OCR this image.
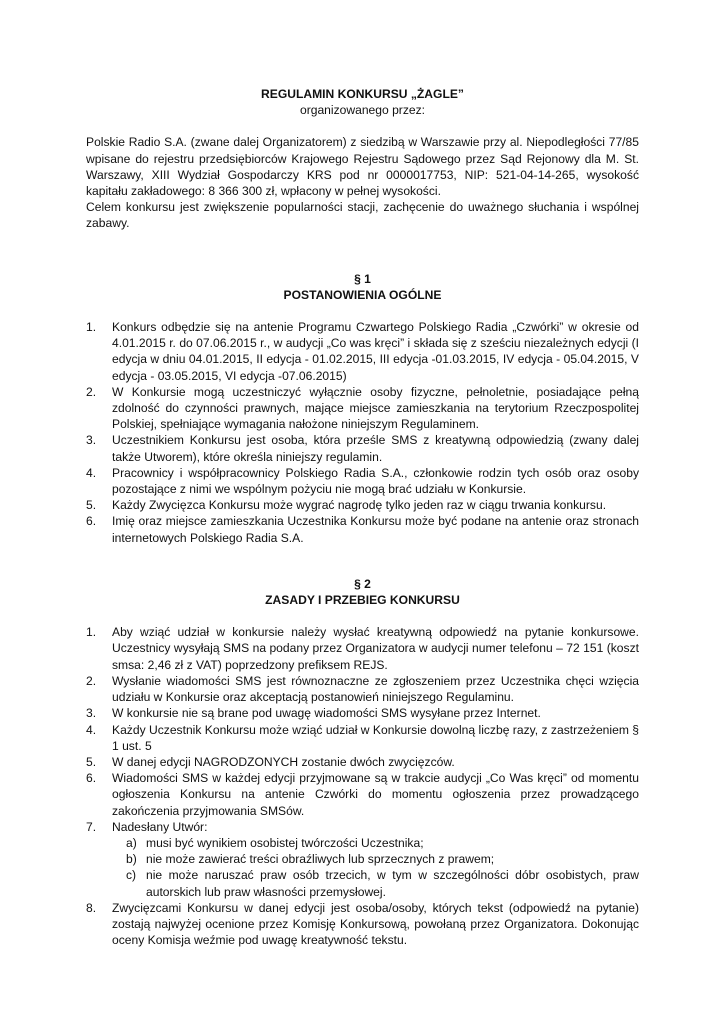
REGULAMIN KONKURSU „ŻAGLE”
organizowanego przez:

Polskie Radio S.A. (zwane dalej Organizatorem) z siedzibą w Warszawie przy al. Niepodległości 77/85 wpisane do rejestru przedsiębiorców Krajowego Rejestru Sądowego przez Sąd Rejonowy dla M. St. Warszawy, XIII Wydział Gospodarczy KRS pod nr 0000017753, NIP: 521-04-14-265, wysokość kapitału zakładowego: 8 366 300 zł, wpłacony w pełnej wysokości.

Celem konkursu jest zwiększenie popularności stacji, zachęcenie do uważnego słuchania i wspólnej zabawy.

§ 1
POSTANOWIENIA OGÓLNE
1. Konkurs odbędzie się na antenie Programu Czwartego Polskiego Radia „Czwórki” w okresie od 4.01.2015 r. do 07.06.2015 r., w audycji „Co was kręci” i składa się z sześciu niezależnych edycji (I edycja w dniu 04.01.2015, II edycja - 01.02.2015, III edycja -01.03.2015, IV edycja - 05.04.2015, V edycja - 03.05.2015, VI edycja -07.06.2015)
2. W Konkursie mogą uczestniczyć wyłącznie osoby fizyczne, pełnoletnie, posiadające pełną zdolność do czynności prawnych, mające miejsce zamieszkania na terytorium Rzeczpospolitej Polskiej, spełniające wymagania nałożone niniejszym Regulaminem.
3. Uczestnikiem Konkursu jest osoba, która prześle SMS z kreatywną odpowiedzią (zwany dalej także Utworem), które określa niniejszy regulamin.
4. Pracownicy i współpracownicy Polskiego Radia S.A., członkowie rodzin tych osób oraz osoby pozostające z nimi we wspólnym pożyciu nie mogą brać udziału w Konkursie.
5. Każdy Zwycięzca Konkursu może wygrać nagrodę tylko jeden raz w ciągu trwania konkursu.
6. Imię oraz miejsce zamieszkania Uczestnika Konkursu może być podane na antenie oraz stronach internetowych Polskiego Radia S.A.
§ 2
ZASADY I PRZEBIEG KONKURSU
1. Aby wziąć udział w konkursie należy wysłać kreatywną odpowiedź na pytanie konkursowe. Uczestnicy wysyłają SMS na podany przez Organizatora w audycji numer telefonu – 72 151 (koszt smsa: 2,46 zł z VAT) poprzedzony prefiksem REJS.
2. Wysłanie wiadomości SMS jest równoznaczne ze zgłoszeniem przez Uczestnika chęci wzięcia udziału w Konkursie oraz akceptacją postanowień niniejszego Regulaminu.
3. W konkursie nie są brane pod uwagę wiadomości SMS wysyłane przez Internet.
4. Każdy Uczestnik Konkursu może wziąć udział w Konkursie dowolną liczbę razy, z zastrzeżeniem § 1 ust. 5
5. W danej edycji NAGRODZONYCH zostanie dwóch zwycięzców.
6. Wiadomości SMS w każdej edycji przyjmowane są w trakcie audycji „Co Was kręci” od momentu ogłoszenia Konkursu na antenie Czwórki do momentu ogłoszenia przez prowadzącego zakończenia przyjmowania SMSów.
7. Nadesłany Utwór:
a) musi być wynikiem osobistej twórczości Uczestnika;
b) nie może zawierać treści obraźliwych lub sprzecznych z prawem;
c) nie może naruszać praw osób trzecich, w tym w szczególności dóbr osobistych, praw autorskich lub praw własności przemysłowej.
8. Zwycięzcami Konkursu w danej edycji jest osoba/osoby, których tekst (odpowiedź na pytanie) zostają najwyżej ocenione przez Komisję Konkursową, powołaną przez Organizatora. Dokonując oceny Komisja weźmie pod uwagę kreatywność tekstu.
